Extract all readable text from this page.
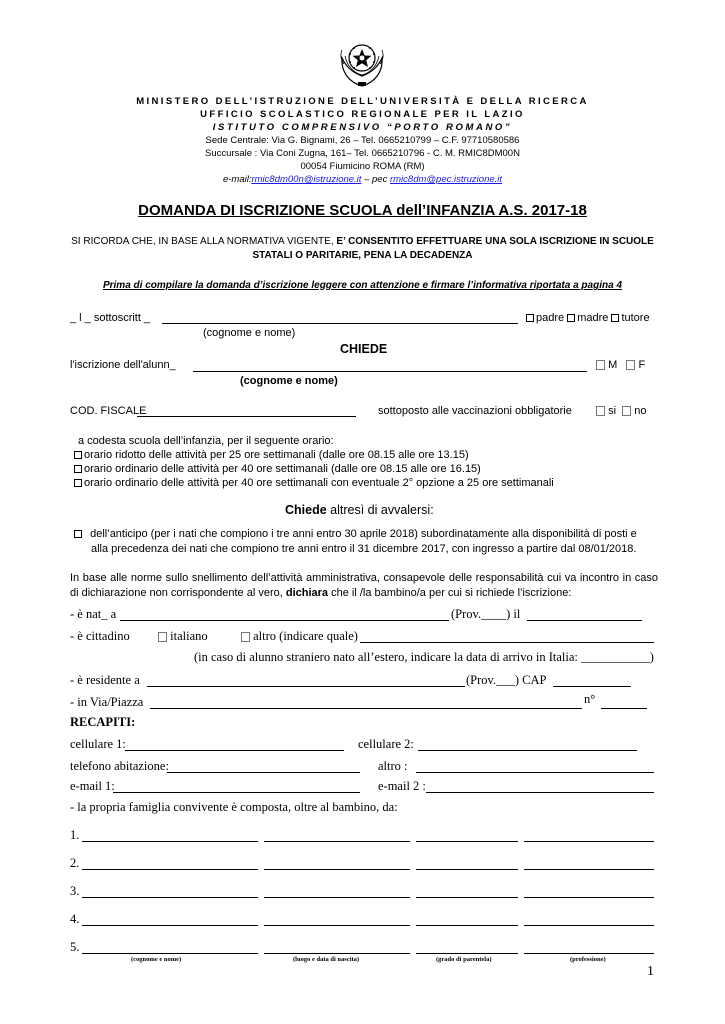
MINISTERO DELL’ISTRUZIONE DELL’UNIVERSITÀ E DELLA RICERCA
UFFICIO SCOLASTICO REGIONALE PER IL LAZIO
ISTITUTO COMPRENSIVO “PORTO ROMANO”
Sede Centrale: Via G. Bignami, 26 – Tel. 0665210799 – C.F. 97710580586
Succursale : Via Coni Zugna, 161– Tel. 0665210796 - C. M. RMIC8DM00N
00054 Fiumicino ROMA (RM)
e-mail:rmic8dm00n@istruzione.it – pec rmic8dm@pec.istruzione.it
DOMANDA DI ISCRIZIONE SCUOLA dell’INFANZIA A.S. 2017-18
SI RICORDA CHE, IN BASE ALLA NORMATIVA VIGENTE, E’ CONSENTITO EFFETTUARE UNA SOLA ISCRIZIONE IN SCUOLE
STATALI O PARITARIE, PENA LA DECADENZA
Prima di compilare la domanda d’iscrizione leggere con attenzione e firmare l’informativa riportata a pagina 4
_ l _ sottoscritt _	padre madre tutore
(cognome e nome)
CHIEDE
l'iscrizione dell'alunn_	M F
(cognome e nome)
COD. FISCALE	sottoposto alle vaccinazioni obbligatorie	si no
a codesta scuola dell’infanzia, per il seguente orario:
orario ridotto delle attività per 25 ore settimanali (dalle ore 08.15 alle ore 13.15)
orario ordinario delle attività per 40 ore settimanali (dalle ore 08.15 alle ore 16.15)
orario ordinario delle attività per 40 ore settimanali con eventuale 2° opzione a 25 ore settimanali
Chiede altresì di avvalersi:
dell’anticipo (per i nati che compiono i tre anni entro 30 aprile 2018) subordinatamente alla disponibilità di posti e
alla precedenza dei nati che compiono tre anni entro il 31 dicembre 2017, con ingresso a partire dal 08/01/2018.
In base alle norme sullo snellimento dell’attività amministrativa, consapevole delle responsabilità cui va incontro in caso di dichiarazione non corrispondente al vero, dichiara che il /la bambino/a per cui si richiede l’iscrizione:
- è nat_ a	(Prov.____) il
- è cittadino	italiano	altro (indicare quale)
(in caso di alunno straniero nato all’estero, indicare la data di arrivo in Italia: ___________)
- è residente a	(Prov.___) CAP
- in Via/Piazza	n°
RECAPITI:
cellulare 1:	cellulare 2:
telefono abitazione:	altro :
e-mail 1:	e-mail 2 :
- la propria famiglia convivente è composta, oltre al bambino, da:
1.
2.
3.
4.
5.
(cognome e nome)	(luogo e data di nascita)	(grado di parentela)	(professione)
1
